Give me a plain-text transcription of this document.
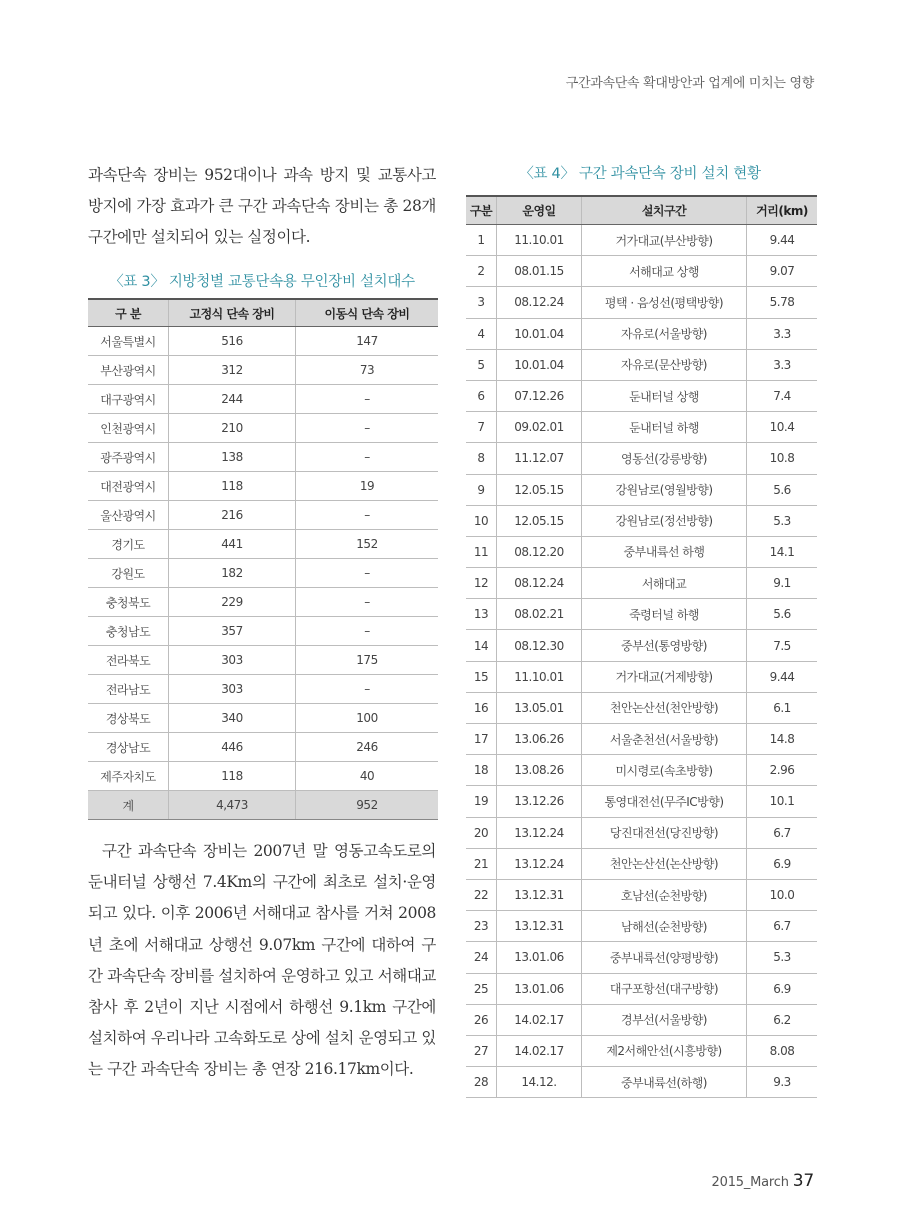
구간과속단속 확대방안과 업계에 미치는 영향

과속단속 장비는 952대이나 과속 방지 및 교통사고 방지에 가장 효과가 큰 구간 과속단속 장비는 총 28개 구간에만 설치되어 있는 실정이다.

〈표 3〉 지방청별 교통단속용 무인장비 설치대수

구 분	고정식 단속 장비	이동식 단속 장비
서울특별시	516	147
부산광역시	312	73
대구광역시	244	–
인천광역시	210	–
광주광역시	138	–
대전광역시	118	19
울산광역시	216	–
경기도	441	152
강원도	182	–
충청북도	229	–
충청남도	357	–
전라북도	303	175
전라남도	303	–
경상북도	340	100
경상남도	446	246
제주자치도	118	40
계	4,473	952

구간 과속단속 장비는 2007년 말 영동고속도로의 둔내터널 상행선 7.4Km의 구간에 최초로 설치·운영되고 있다. 이후 2006년 서해대교 참사를 거쳐 2008년 초에 서해대교 상행선 9.07km 구간에 대하여 구간 과속단속 장비를 설치하여 운영하고 있고 서해대교 참사 후 2년이 지난 시점에서 하행선 9.1km 구간에 설치하여 우리나라 고속화도로 상에 설치 운영되고 있는 구간 과속단속 장비는 총 연장 216.17km이다.

〈표 4〉 구간 과속단속 장비 설치 현황

구분	운영일	설치구간	거리(km)
1	11.10.01	거가대교(부산방향)	9.44
2	08.01.15	서해대교 상행	9.07
3	08.12.24	평택 · 음성선(평택방향)	5.78
4	10.01.04	자유로(서울방향)	3.3
5	10.01.04	자유로(문산방향)	3.3
6	07.12.26	둔내터널 상행	7.4
7	09.02.01	둔내터널 하행	10.4
8	11.12.07	영동선(강릉방향)	10.8
9	12.05.15	강원남로(영월방향)	5.6
10	12.05.15	강원남로(정선방향)	5.3
11	08.12.20	중부내륙선 하행	14.1
12	08.12.24	서해대교	9.1
13	08.02.21	죽령터널 하행	5.6
14	08.12.30	중부선(통영방향)	7.5
15	11.10.01	거가대교(거제방향)	9.44
16	13.05.01	천안논산선(천안방향)	6.1
17	13.06.26	서울춘천선(서울방향)	14.8
18	13.08.26	미시령로(속초방향)	2.96
19	13.12.26	통영대전선(무주IC방향)	10.1
20	13.12.24	당진대전선(당진방향)	6.7
21	13.12.24	천안논산선(논산방향)	6.9
22	13.12.31	호남선(순천방향)	10.0
23	13.12.31	남해선(순천방향)	6.7
24	13.01.06	중부내륙선(양평방향)	5.3
25	13.01.06	대구포항선(대구방향)	6.9
26	14.02.17	경부선(서울방향)	6.2
27	14.02.17	제2서해안선(시흥방향)	8.08
28	14.12.	중부내륙선(하행)	9.3
2015_March 37
